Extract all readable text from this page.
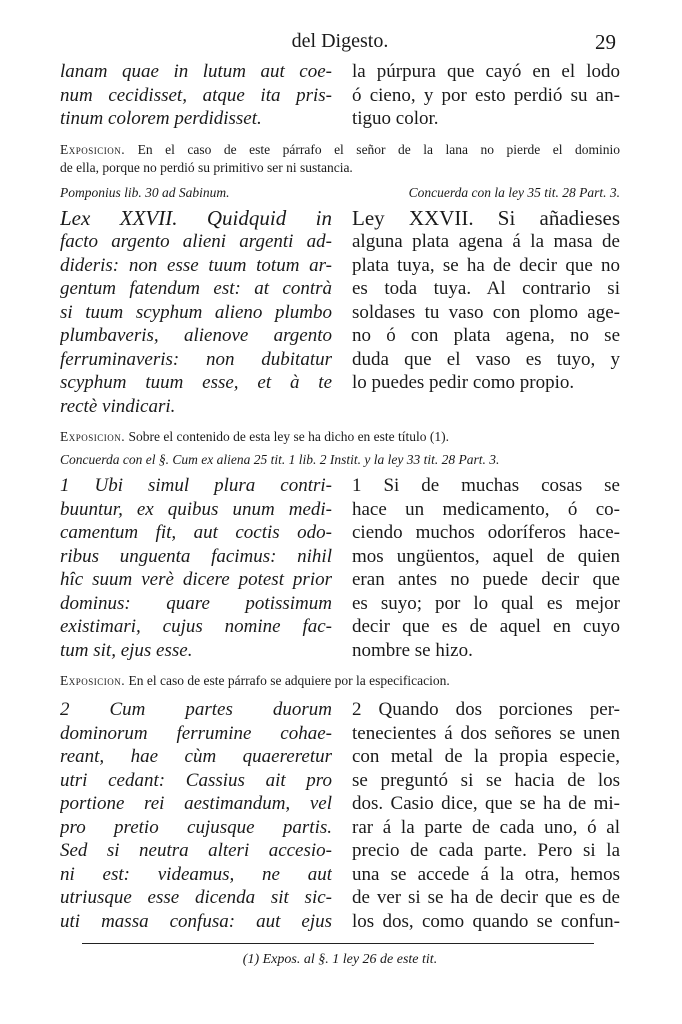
del Digesto.	29
lanam quae in lutum aut coe-
num cecidisset, atque ita pris-
tinum colorem perdidisset.
la púrpura que cayó en el lodo
ó cieno, y por esto perdió su an-
tiguo color.
Exposicion. En el caso de este párrafo el señor de la lana no pierde el dominio
de ella, porque no perdió su primitivo ser ni sustancia.
Pomponius lib. 30 ad Sabinum.	Concuerda con la ley 35 tit. 28 Part. 3.
Lex XXVII. Quidquid in
facto argento alieni argenti ad-
dideris: non esse tuum totum ar-
gentum fatendum est: at contrà
si tuum scyphum alieno plumbo
plumbaveris, alienove argento
ferruminaveris: non dubitatur
scyphum tuum esse, et à te
rectè vindicari.
Ley XXVII. Si añadieses
alguna plata agena á la masa de
plata tuya, se ha de decir que no
es toda tuya. Al contrario si
soldases tu vaso con plomo age-
no ó con plata agena, no se
duda que el vaso es tuyo, y
lo puedes pedir como propio.
Exposicion. Sobre el contenido de esta ley se ha dicho en este título (1).
Concuerda con el §. Cum ex aliena 25 tit. 1 lib. 2 Instit. y la ley 33 tit. 28 Part. 3.
1 Ubi simul plura contri-
buuntur, ex quibus unum medi-
camentum fit, aut coctis odo-
ribus unguenta facimus: nihil
hîc suum verè dicere potest prior
dominus: quare potissimum
existimari, cujus nomine fac-
tum sit, ejus esse.
1 Si de muchas cosas se
hace un medicamento, ó co-
ciendo muchos odoríferos hace-
mos ungüentos, aquel de quien
eran antes no puede decir que
es suyo; por lo qual es mejor
decir que es de aquel en cuyo
nombre se hizo.
Exposicion. En el caso de este párrafo se adquiere por la especificacion.
2 Cum partes duorum
dominorum ferrumine cohae-
reant, hae cùm quaereretur
utri cedant: Cassius ait pro
portione rei aestimandum, vel
pro pretio cujusque partis.
Sed si neutra alteri accesio-
ni est: videamus, ne aut
utriusque esse dicenda sit sic-
uti massa confusa: aut ejus
2 Quando dos porciones per-
tenecientes á dos señores se unen
con metal de la propia especie,
se preguntó si se hacia de los
dos. Casio dice, que se ha de mi-
rar á la parte de cada uno, ó al
precio de cada parte. Pero si la
una se accede á la otra, hemos
de ver si se ha de decir que es de
los dos, como quando se confun-
(1) Expos. al §. 1 ley 26 de este tit.
